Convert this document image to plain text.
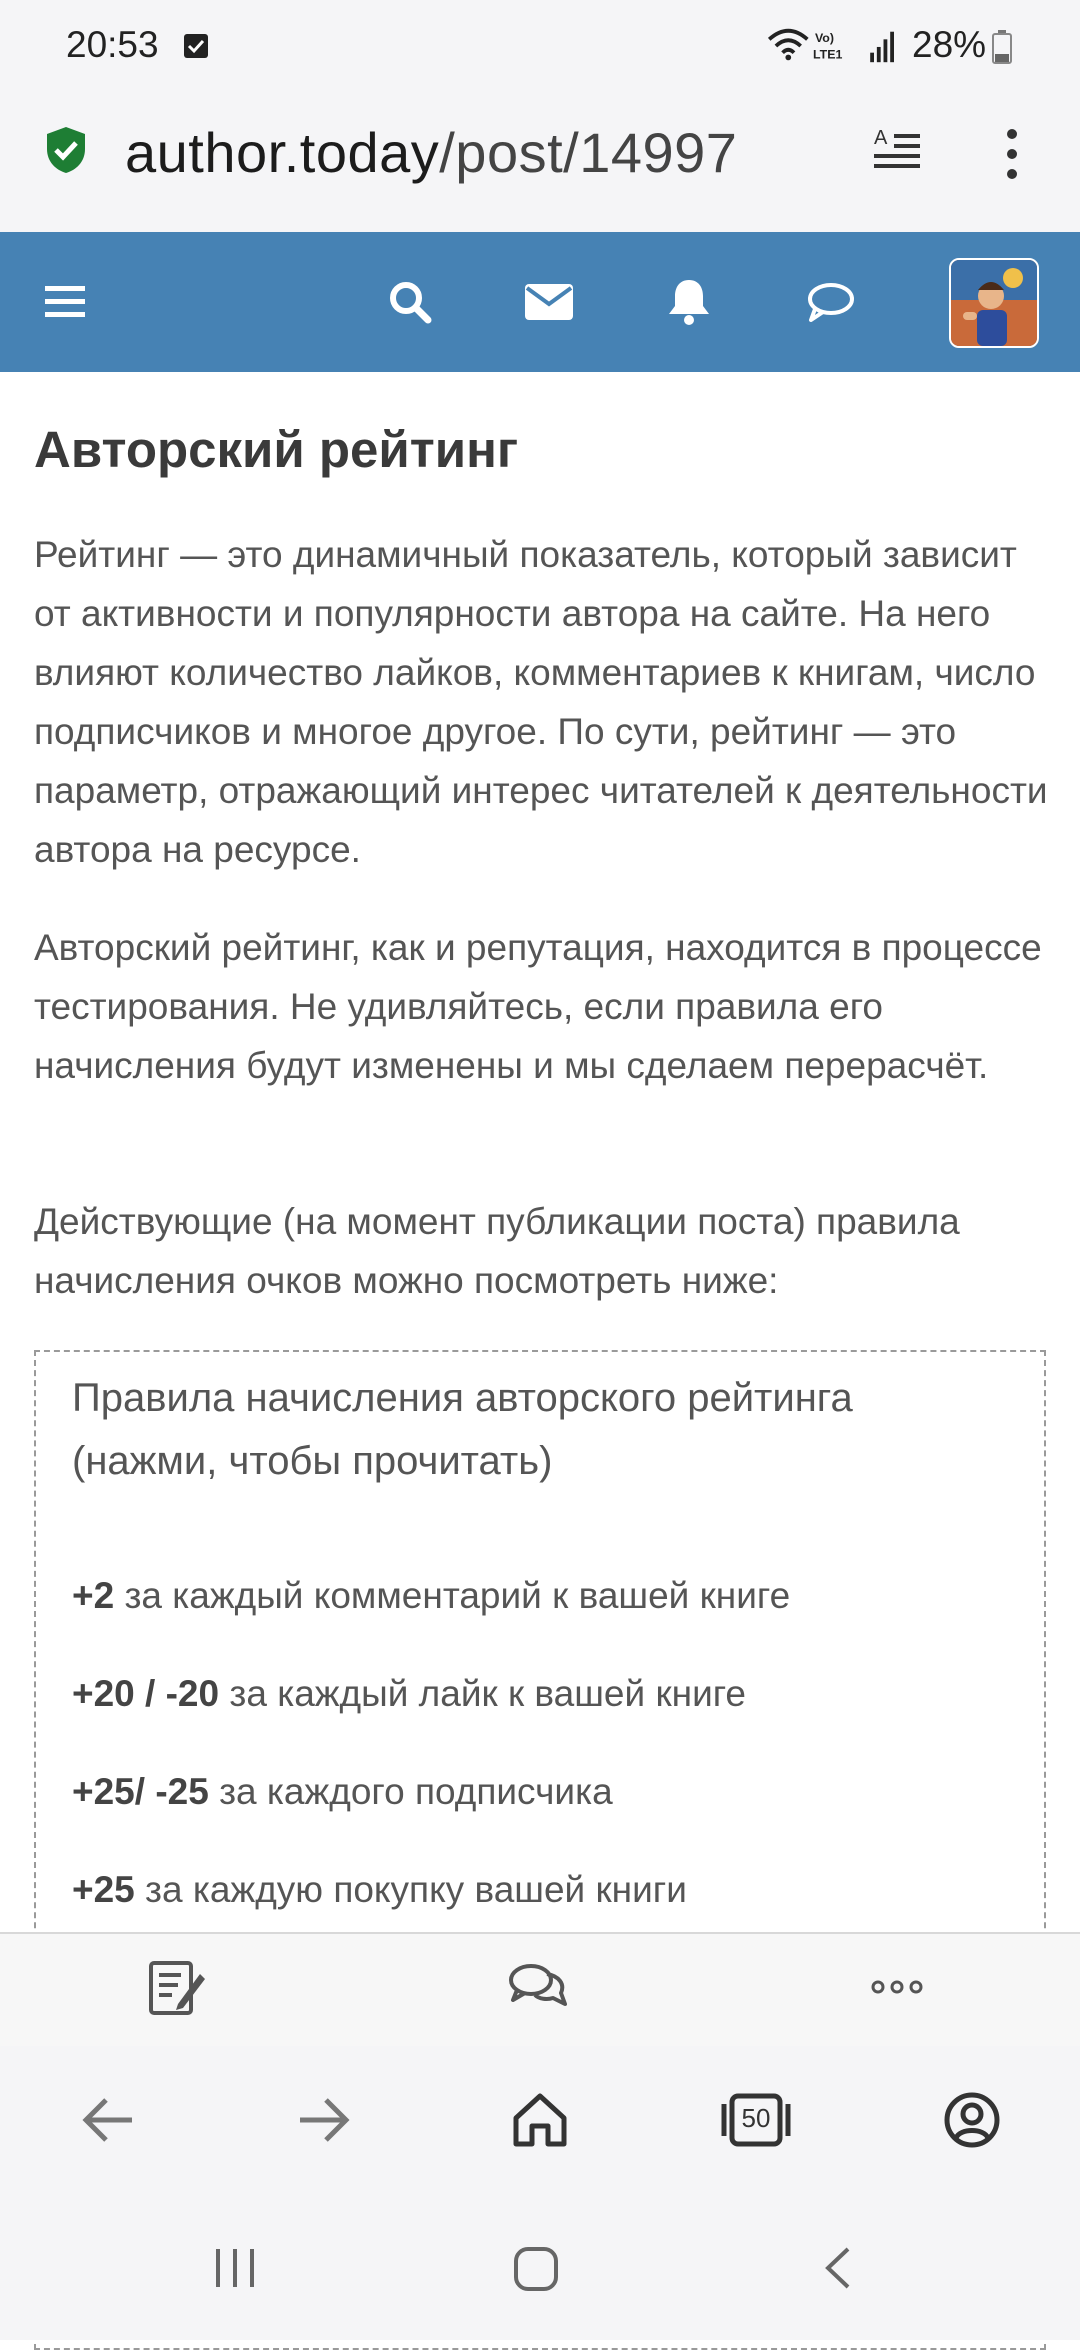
20:53	Vo)
LTE1 28%
author.today/post/14997	A
Авторский рейтинг
Рейтинг — это динамичный показатель, который зависит от активности и популярности автора на сайте. На него влияют количество лайков, комментариев к книгам, число подписчиков и многое другое. По сути, рейтинг — это параметр, отражающий интерес читателей к деятельности автора на ресурсе.
Авторский рейтинг, как и репутация, находится в процессе тестирования. Не удивляйтесь, если правила его начисления будут изменены и мы сделаем перерасчёт.
Действующие (на момент публикации поста) правила начисления очков можно посмотреть ниже:
Правила начисления авторского рейтинга (нажми, чтобы прочитать)
+2 за каждый комментарий к вашей книге
+20 / -20 за каждый лайк к вашей книге
+25/ -25 за каждого подписчика
+25 за каждую покупку вашей книги
50
